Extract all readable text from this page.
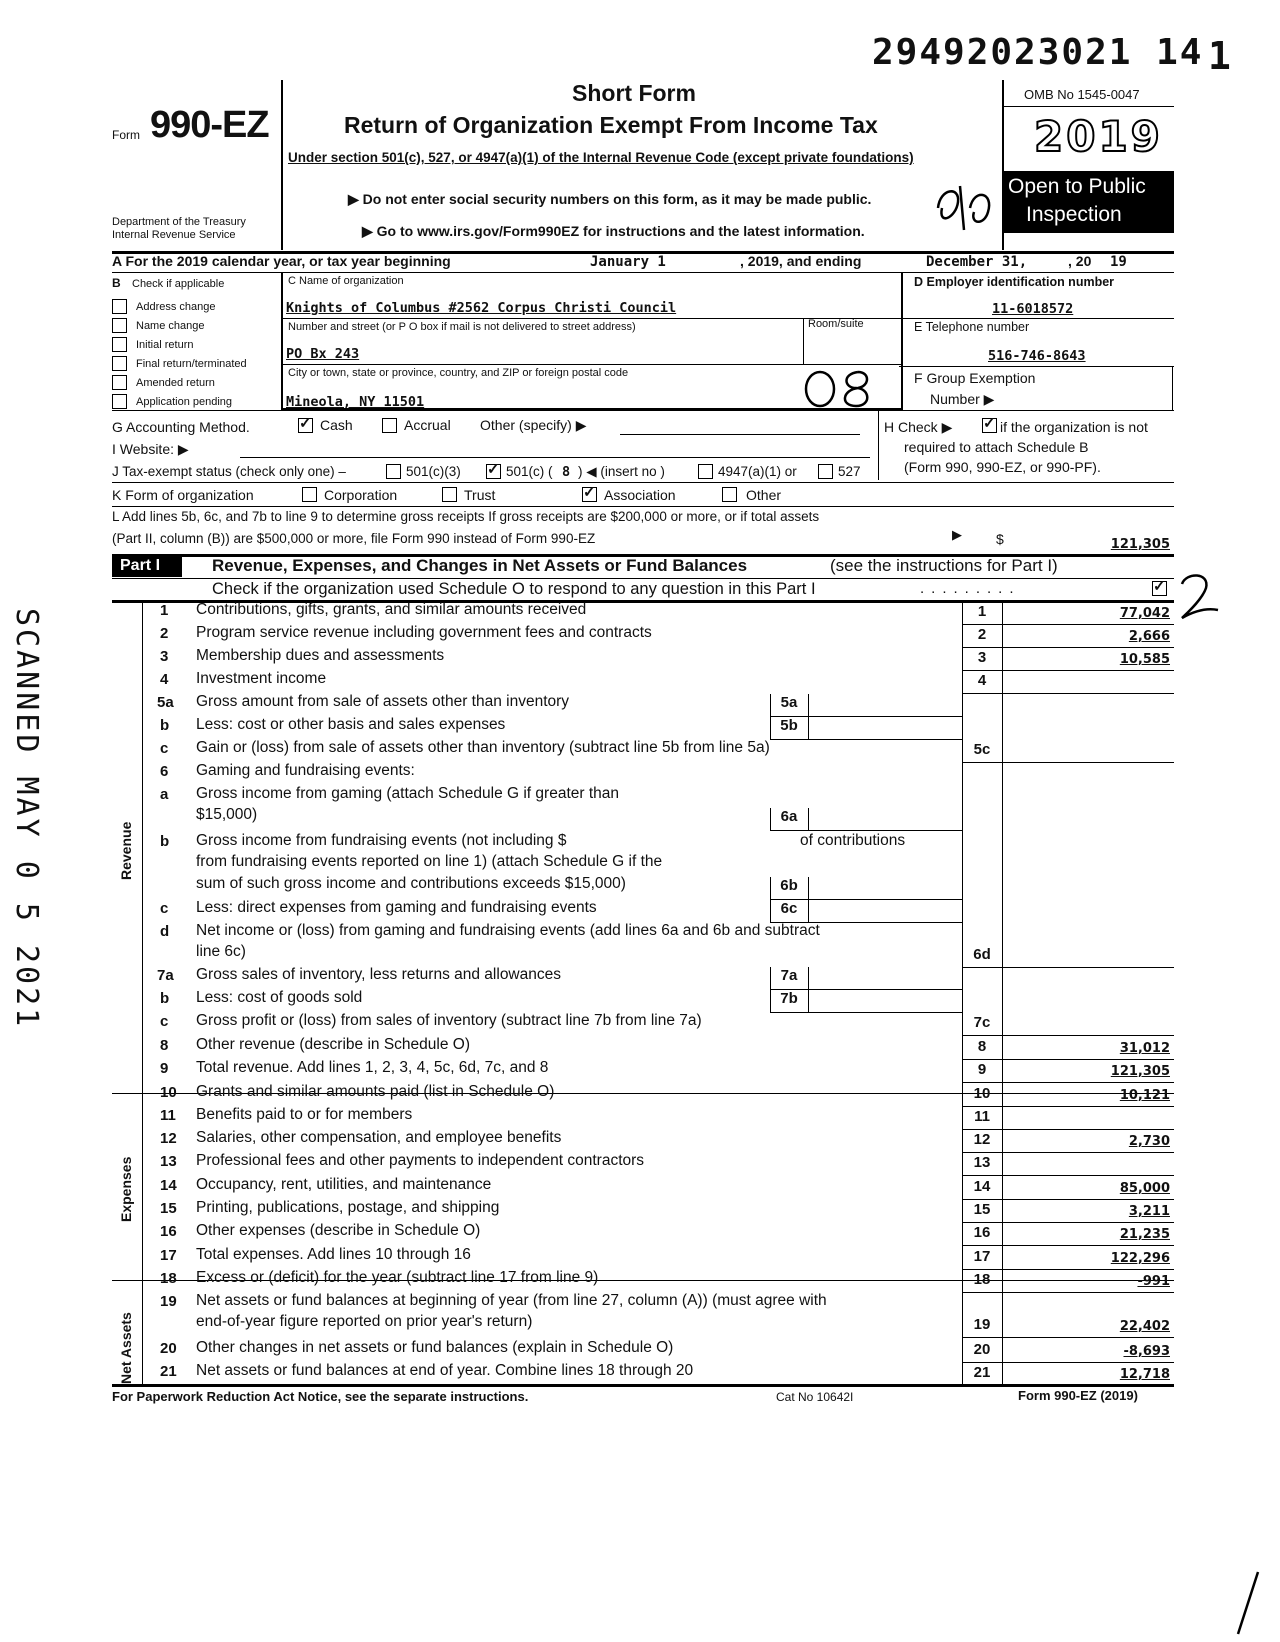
29492023021 14 1
Form 990-EZ
Department of the Treasury
Internal Revenue Service
Short Form
Return of Organization Exempt From Income Tax
Under section 501(c), 527, or 4947(a)(1) of the Internal Revenue Code (except private foundations)
▶ Do not enter social security numbers on this form, as it may be made public.
▶ Go to www.irs.gov/Form990EZ for instructions and the latest information.
OMB No 1545-0047
2019
Open to Public
Inspection
A For the 2019 calendar year, or tax year beginning	January 1	, 2019, and ending	December 31,	, 20 19
B Check if applicable
Address change
Name change
Initial return
Final return/terminated
Amended return
Application pending
C Name of organization
Knights of Columbus #2562 Corpus Christi Council
Number and street (or P O box if mail is not delivered to street address)	Room/suite
PO Bx 243
City or town, state or province, country, and ZIP or foreign postal code
Mineola, NY 11501
D Employer identification number
11-6018572
E Telephone number
516-746-8643
F Group Exemption
Number ▶
G Accounting Method. ✓	Cash	Accrual Other (specify) ▶	H Check ▶ ✓	if the organization is not
required to attach Schedule B
(Form 990, 990-EZ, or 990-PF).
I Website: ▶
J Tax-exempt status (check only one) –	501(c)(3) ✓	501(c) ( 8 ) ◀ (insert no )	4947(a)(1) or	527
K Form of organization	Corporation	Trust ✓	Association	Other
L Add lines 5b, 6c, and 7b to line 9 to determine gross receipts If gross receipts are $200,000 or more, or if total assets
(Part II, column (B)) are $500,000 or more, file Form 990 instead of Form 990-EZ	▶ $	121,305
Part I	Revenue, Expenses, and Changes in Net Assets or Fund Balances	(see the instructions for Part I)
Check if the organization used Schedule O to respond to any question in this Part I	.........
✓
Revenue
Expenses
Net Assets
1 Contributions, gifts, grants, and similar amounts received	1	77,042
2 Program service revenue including government fees and contracts	2	2,666
3 Membership dues and assessments	3	10,585
4 Investment income	4
5a Gross amount from sale of assets other than inventory	5a
b Less: cost or other basis and sales expenses	5b
c Gain or (loss) from sale of assets other than inventory (subtract line 5b from line 5a)	5c
6 Gaming and fundraising events:
a Gross income from gaming (attach Schedule G if greater than
$15,000)	6a
b Gross income from fundraising events (not including $	of contributions
from fundraising events reported on line 1) (attach Schedule G if the
sum of such gross income and contributions exceeds $15,000)	6b
c Less: direct expenses from gaming and fundraising events	6c
d Net income or (loss) from gaming and fundraising events (add lines 6a and 6b and subtract
line 6c)	6d
7a Gross sales of inventory, less returns and allowances	7a
b Less: cost of goods sold	7b
c Gross profit or (loss) from sales of inventory (subtract line 7b from line 7a)	7c
8 Other revenue (describe in Schedule O)	8	31,012
9 Total revenue. Add lines 1, 2, 3, 4, 5c, 6d, 7c, and 8	9	121,305
10 Grants and similar amounts paid (list in Schedule O)	10	10,121
11 Benefits paid to or for members	11
12 Salaries, other compensation, and employee benefits	12	2,730
13 Professional fees and other payments to independent contractors	13
14 Occupancy, rent, utilities, and maintenance	14	85,000
15 Printing, publications, postage, and shipping	15	3,211
16 Other expenses (describe in Schedule O)	16	21,235
17 Total expenses. Add lines 10 through 16	17	122,296
18 Excess or (deficit) for the year (subtract line 17 from line 9)	18	-991
19 Net assets or fund balances at beginning of year (from line 27, column (A)) (must agree with
end-of-year figure reported on prior year's return)	19	22,402
20 Other changes in net assets or fund balances (explain in Schedule O)	20	-8,693
21 Net assets or fund balances at end of year. Combine lines 18 through 20	21	12,718
For Paperwork Reduction Act Notice, see the separate instructions.	Cat No 10642I	Form 990-EZ (2019)
SCANNED MAY 0 5 2021
